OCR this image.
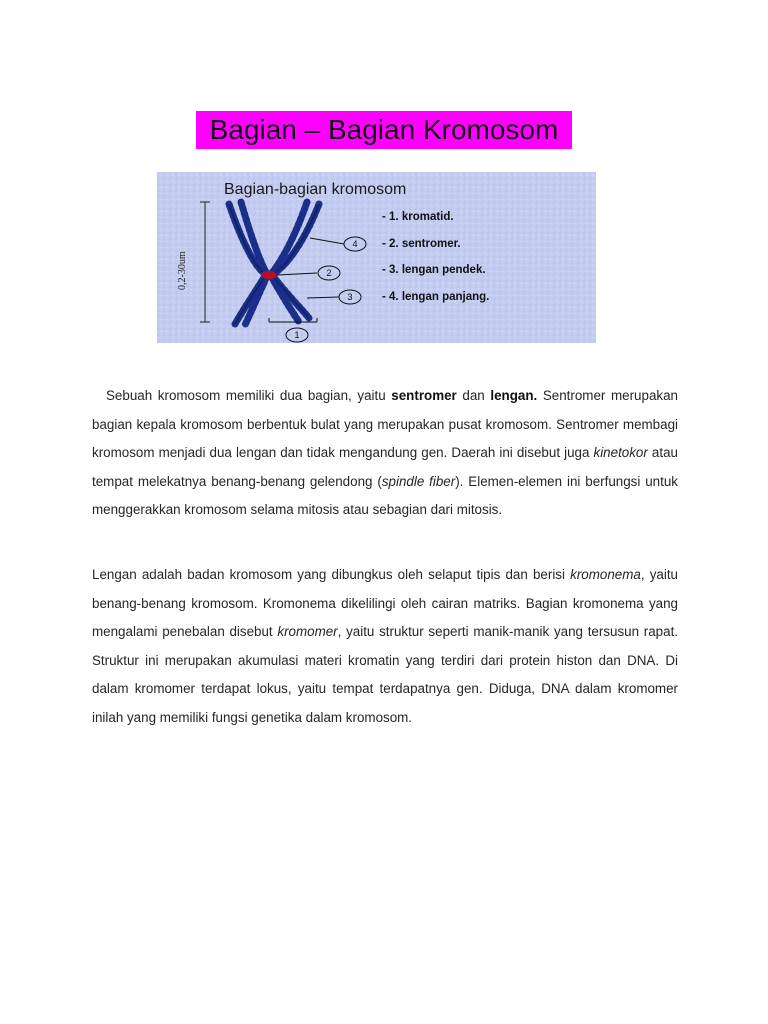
Bagian – Bagian Kromosom
Bagian-bagian kromosom
0,2-30um
4
2
3
1
- 1. kromatid.
- 2. sentromer.
- 3. lengan pendek.
- 4. lengan panjang.

Sebuah kromosom memiliki dua bagian, yaitu sentromer dan lengan. Sentromer merupakan bagian kepala kromosom berbentuk bulat yang merupakan pusat kromosom. Sentromer membagi kromosom menjadi dua lengan dan tidak mengandung gen. Daerah ini disebut juga kinetokor atau tempat melekatnya benang-benang gelendong (spindle fiber). Elemen-elemen ini berfungsi untuk menggerakkan kromosom selama mitosis atau sebagian dari mitosis.

Lengan adalah badan kromosom yang dibungkus oleh selaput tipis dan berisi kromonema, yaitu benang-benang kromosom. Kromonema dikelilingi oleh cairan matriks. Bagian kromonema yang mengalami penebalan disebut kromomer, yaitu struktur seperti manik-manik yang tersusun rapat. Struktur ini merupakan akumulasi materi kromatin yang terdiri dari protein histon dan DNA. Di dalam kromomer terdapat lokus, yaitu tempat terdapatnya gen. Diduga, DNA dalam kromomer inilah yang memiliki fungsi genetika dalam kromosom.
